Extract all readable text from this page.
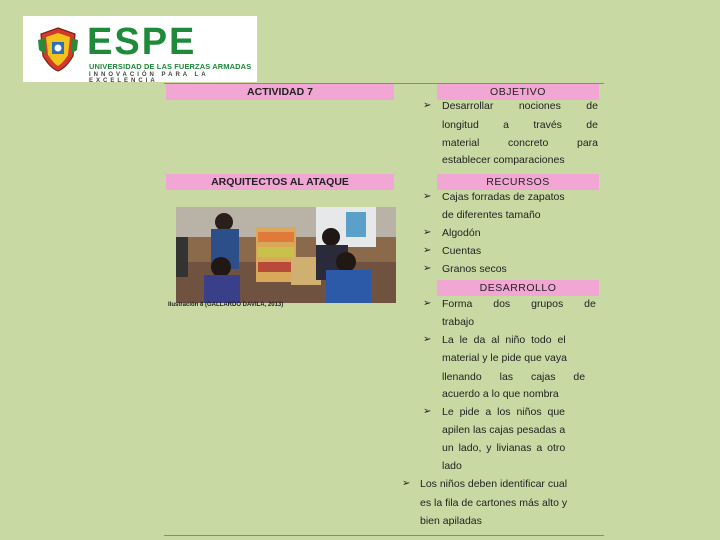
ESPE
UNIVERSIDAD DE LAS FUERZAS ARMADAS
INNOVACIÓN PARA LA EXCELENCIA
ACTIVIDAD 7
ARQUITECTOS AL ATAQUE
Ilustración 8 (GALLARDO DAVILA, 2013)
OBJETIVO
RECURSOS
DESARROLLO
➢ Desarrollar nociones de
longitud a través de
material	concreto	para
establecer comparaciones
➢ Cajas forradas de zapatos
de diferentes tamaño
➢ Algodón
➢ Cuentas
➢ Granos secos
➢ Forma dos grupos de
trabajo
➢ La le da al niño todo el
material y le pide que vaya
llenando las cajas de
acuerdo a lo que nombra
➢ Le pide a los niños que
apilen las cajas pesadas a
un lado, y livianas a otro
lado
➢ Los niños deben identificar cual
es la fila de cartones más alto y
bien apiladas
